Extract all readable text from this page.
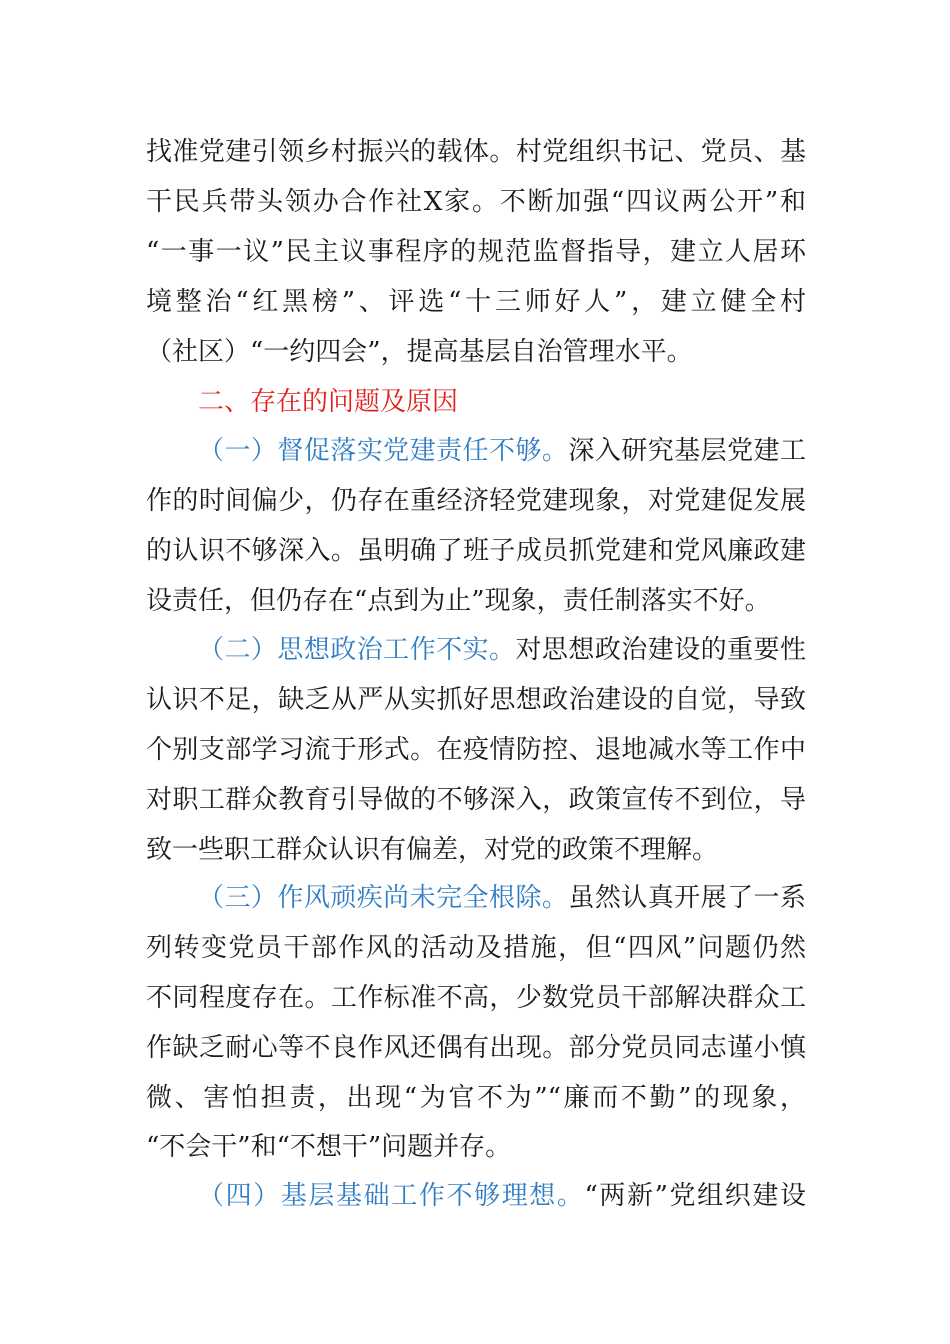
找准党建引领乡村振兴的载体。村党组织书记、党员、基
干民兵带头领办合作社X家。不断加强“四议两公开”和
“一事一议”民主议事程序的规范监督指导，建立人居环
境整治“红黑榜”、评选“十三师好人”，建立健全村
（社区）“一约四会”，提高基层自治管理水平。
二、存在的问题及原因
（一）督促落实党建责任不够。深入研究基层党建工
作的时间偏少，仍存在重经济轻党建现象，对党建促发展
的认识不够深入。虽明确了班子成员抓党建和党风廉政建
设责任，但仍存在“点到为止”现象，责任制落实不好。
（二）思想政治工作不实。对思想政治建设的重要性
认识不足，缺乏从严从实抓好思想政治建设的自觉，导致
个别支部学习流于形式。在疫情防控、退地减水等工作中
对职工群众教育引导做的不够深入，政策宣传不到位，导
致一些职工群众认识有偏差，对党的政策不理解。
（三）作风顽疾尚未完全根除。虽然认真开展了一系
列转变党员干部作风的活动及措施，但“四风”问题仍然
不同程度存在。工作标准不高，少数党员干部解决群众工
作缺乏耐心等不良作风还偶有出现。部分党员同志谨小慎
微、害怕担责，出现“为官不为”“廉而不勤”的现象，
“不会干”和“不想干”问题并存。
（四）基层基础工作不够理想。“两新”党组织建设
